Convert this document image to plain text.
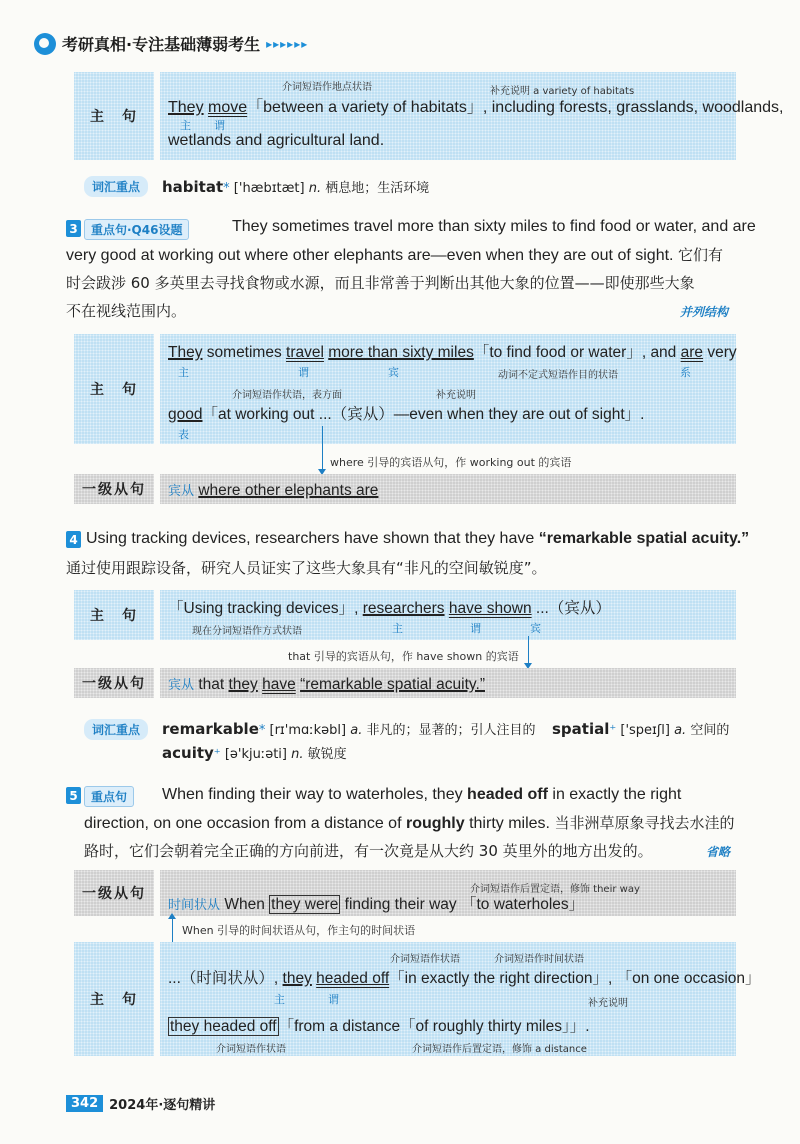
考研真相·专注基础薄弱考生 ▸▸▸▸▸▸
主　句
介词短语作地点状语	补充说明 a variety of habitats
They move「between a variety of habitats」, including forests, grasslands, woodlands,
主 谓
wetlands and agricultural land.
词汇重点	habitat* ['hæbɪtæt] n. 栖息地；生活环境
3	重点句·Q46设题	They sometimes travel more than sixty miles to find food or water, and are
very good at working out where other elephants are—even when they are out of sight. 它们有
时会跋涉 60 多英里去寻找食物或水源，而且非常善于判断出其他大象的位置——即使那些大象
不在视线范围内。	并列结构
主　句
They sometimes travel more than sixty miles「to find food or water」, and are very
主	谓	宾	动词不定式短语作目的状语	系
介词短语作状语，表方面	补充说明
good「at working out ...（宾从）—even when they are out of sight」.
表
where 引导的宾语从句，作 working out 的宾语
一级从句	宾从 where other elephants are
4 Using tracking devices, researchers have shown that they have “remarkable spatial acuity.”
通过使用跟踪设备，研究人员证实了这些大象具有“非凡的空间敏锐度”。
主　句	「Using tracking devices」, researchers have shown ...（宾从）
现在分词短语作方式状语	主	谓	宾
that 引导的宾语从句，作 have shown 的宾语
一级从句	宾从 that they have “remarkable spatial acuity.”
词汇重点	remarkable* [rɪ'mɑːkəbl] a. 非凡的；显著的；引人注目的 spatial⁺ ['speɪʃl] a. 空间的
acuity⁺ [ə'kjuːəti] n. 敏锐度
5	重点句	When finding their way to waterholes, they headed off in exactly the right
direction, on one occasion from a distance of roughly thirty miles. 当非洲草原象寻找去水洼的
路时，它们会朝着完全正确的方向前进，有一次竟是从大约 30 英里外的地方出发的。	省略
一级从句	介词短语作后置定语，修饰 their way
时间状从 When they were finding their way 「to waterholes」
When 引导的时间状语从句，作主句的时间状语
主　句
介词短语作状语	介词短语作时间状语
...（时间状从）, they headed off「in exactly the right direction」, 「on one occasion」
主	谓	补充说明
they headed off 「from a distance「of roughly thirty miles」」.
介词短语作状语	介词短语作后置定语，修饰 a distance
342 2024年·逐句精讲
